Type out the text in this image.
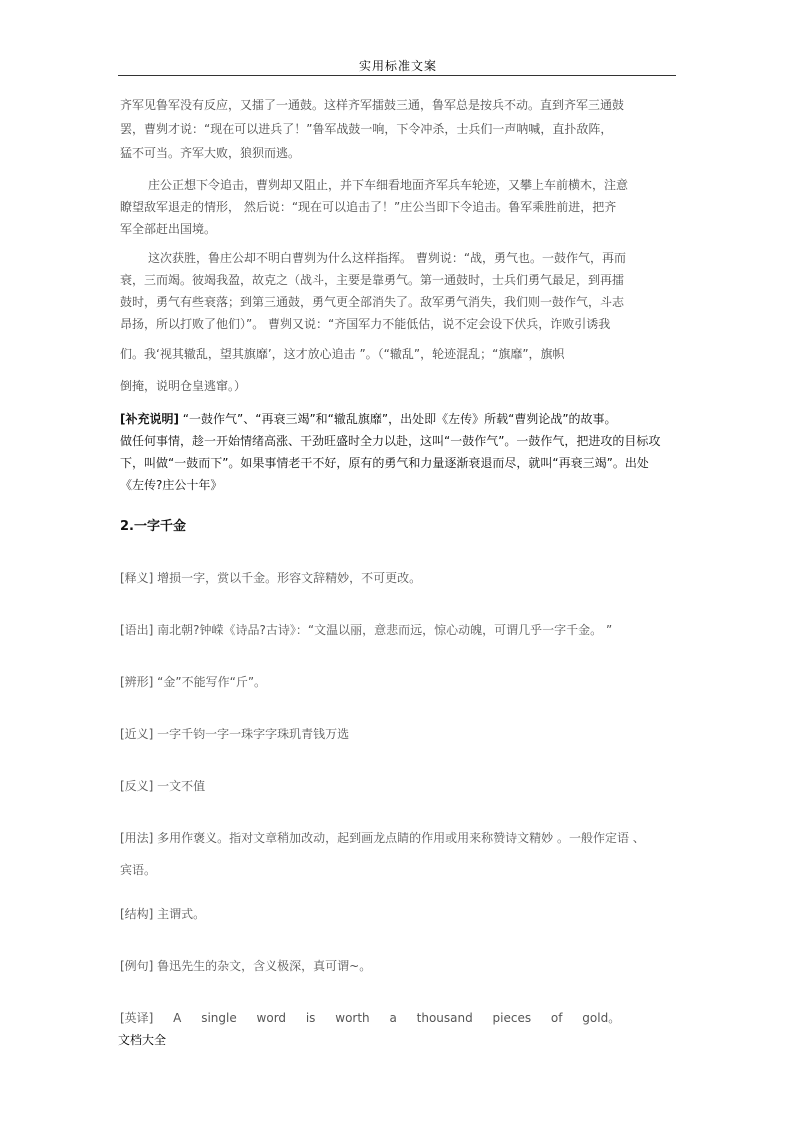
实用标准文案
齐军见鲁军没有反应，又擂了一通鼓。这样齐军擂鼓三通，鲁军总是按兵不动。直到齐军三通鼓
罢，曹刿才说：“现在可以进兵了！”鲁军战鼓一响，下令冲杀，士兵们一声呐喊，直扑敌阵，
猛不可当。齐军大败，狼狈而逃。
庄公正想下令追击，曹刿却又阻止，并下车细看地面齐军兵车轮迹，又攀上车前横木，注意
瞭望敌军退走的情形， 然后说：“现在可以追击了！”庄公当即下令追击。鲁军乘胜前进，把齐
军全部赶出国境。
这次获胜，鲁庄公却不明白曹刿为什么这样指挥。 曹刿说：“战，勇气也。一鼓作气，再而
衰，三而竭。彼竭我盈，故克之（战斗，主要是靠勇气。第一通鼓时，士兵们勇气最足，到再擂
鼓时，勇气有些衰落；到第三通鼓，勇气更全部消失了。敌军勇气消失，我们则一鼓作气，斗志
昂扬，所以打败了他们）”。 曹刿又说：“齐国军力不能低估，说不定会设下伏兵，诈败引诱我
们。我‘视其辙乱，望其旗靡’，这才放心追击 ”。（“辙乱”，轮迹混乱；“旗靡”，旗帜
倒掩，说明仓皇逃窜。）
[补充说明] “一鼓作气”、“再衰三竭”和“辙乱旗靡”，出处即《左传》所载“曹刿论战”的故事。
做任何事情，趁一开始情绪高涨、干劲旺盛时全力以赴，这叫“一鼓作气”。一鼓作气，把进攻的目标攻
下，叫做“一鼓而下”。如果事情老干不好，原有的勇气和力量逐渐衰退而尽，就叫“再衰三竭”。出处
《左传?庄公十年》
2.一字千金
[释义] 增损一字，赏以千金。形容文辞精妙，不可更改。
[语出] 南北朝?钟嵘《诗品?古诗》：“文温以丽，意悲而远，惊心动魄，可谓几乎一字千金。 ”
[辨形] “金”不能写作“斤”。
[近义] 一字千钧一字一珠字字珠玑青钱万选
[反义] 一文不值
[用法] 多用作褒义。指对文章稍加改动，起到画龙点睛的作用或用来称赞诗文精妙 。一般作定语 、
宾语。
[结构] 主谓式。
[例句] 鲁迅先生的杂文，含义极深，真可谓~。
[英译] A single word is worth a thousand pieces of gold。
文档大全
